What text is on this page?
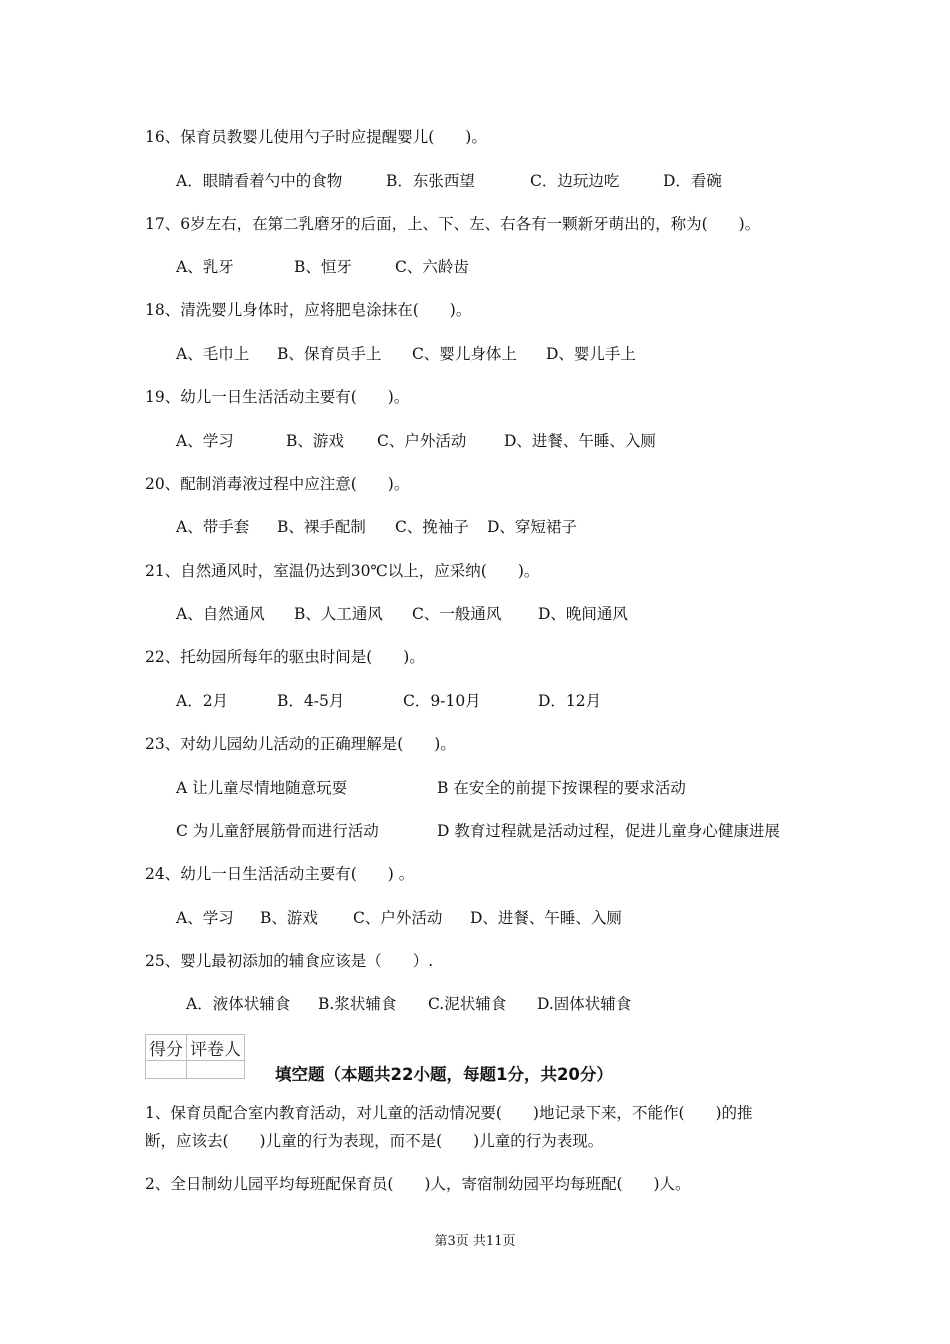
16、保育员教婴儿使用勺子时应提醒婴儿(　　)。
A．眼睛看着勺中的食物	B．东张西望	C．边玩边吃	D．看碗
17、6岁左右，在第二乳磨牙的后面，上、下、左、右各有一颗新牙萌出的，称为(　　)。
A、乳牙	B、恒牙	C、六龄齿
18、清洗婴儿身体时，应将肥皂涂抹在(　　)。
A、毛巾上 B、保育员手上 C、婴儿身体上 D、婴儿手上
19、幼儿一日生活活动主要有(　　)。
A、学习	B、游戏 C、户外活动 D、进餐、午睡、入厕
20、配制消毒液过程中应注意(　　)。
A、带手套 B、裸手配制 C、挽袖子 D、穿短裙子
21、自然通风时，室温仍达到30℃以上，应采纳(　　)。
A、自然通风 B、人工通风 C、一般通风 D、晚间通风
22、托幼园所每年的驱虫时间是(　　)。
A．2月	B．4-5月	C．9-10月	D．12月
23、对幼儿园幼儿活动的正确理解是(　　)。
A 让儿童尽情地随意玩耍	B 在安全的前提下按课程的要求活动
C 为儿童舒展筋骨而进行活动	D 教育过程就是活动过程，促进儿童身心健康进展
24、幼儿一日生活活动主要有(　　) 。
A、学习 B、游戏 C、户外活动 D、进餐、午睡、入厕
25、婴儿最初添加的辅食应该是（　　）.
A．液体状辅食 B.浆状辅食 C.泥状辅食 D.固体状辅食
得分	评卷人

填空题（本题共22小题，每题1分，共20分）
1、保育员配合室内教育活动，对儿童的活动情况要(　　)地记录下来，不能作(　　)的推
断，应该去(　　)儿童的行为表现，而不是(　　)儿童的行为表现。
2、全日制幼儿园平均每班配保育员(　　)人，寄宿制幼园平均每班配(　　)人。
第3页 共11页
